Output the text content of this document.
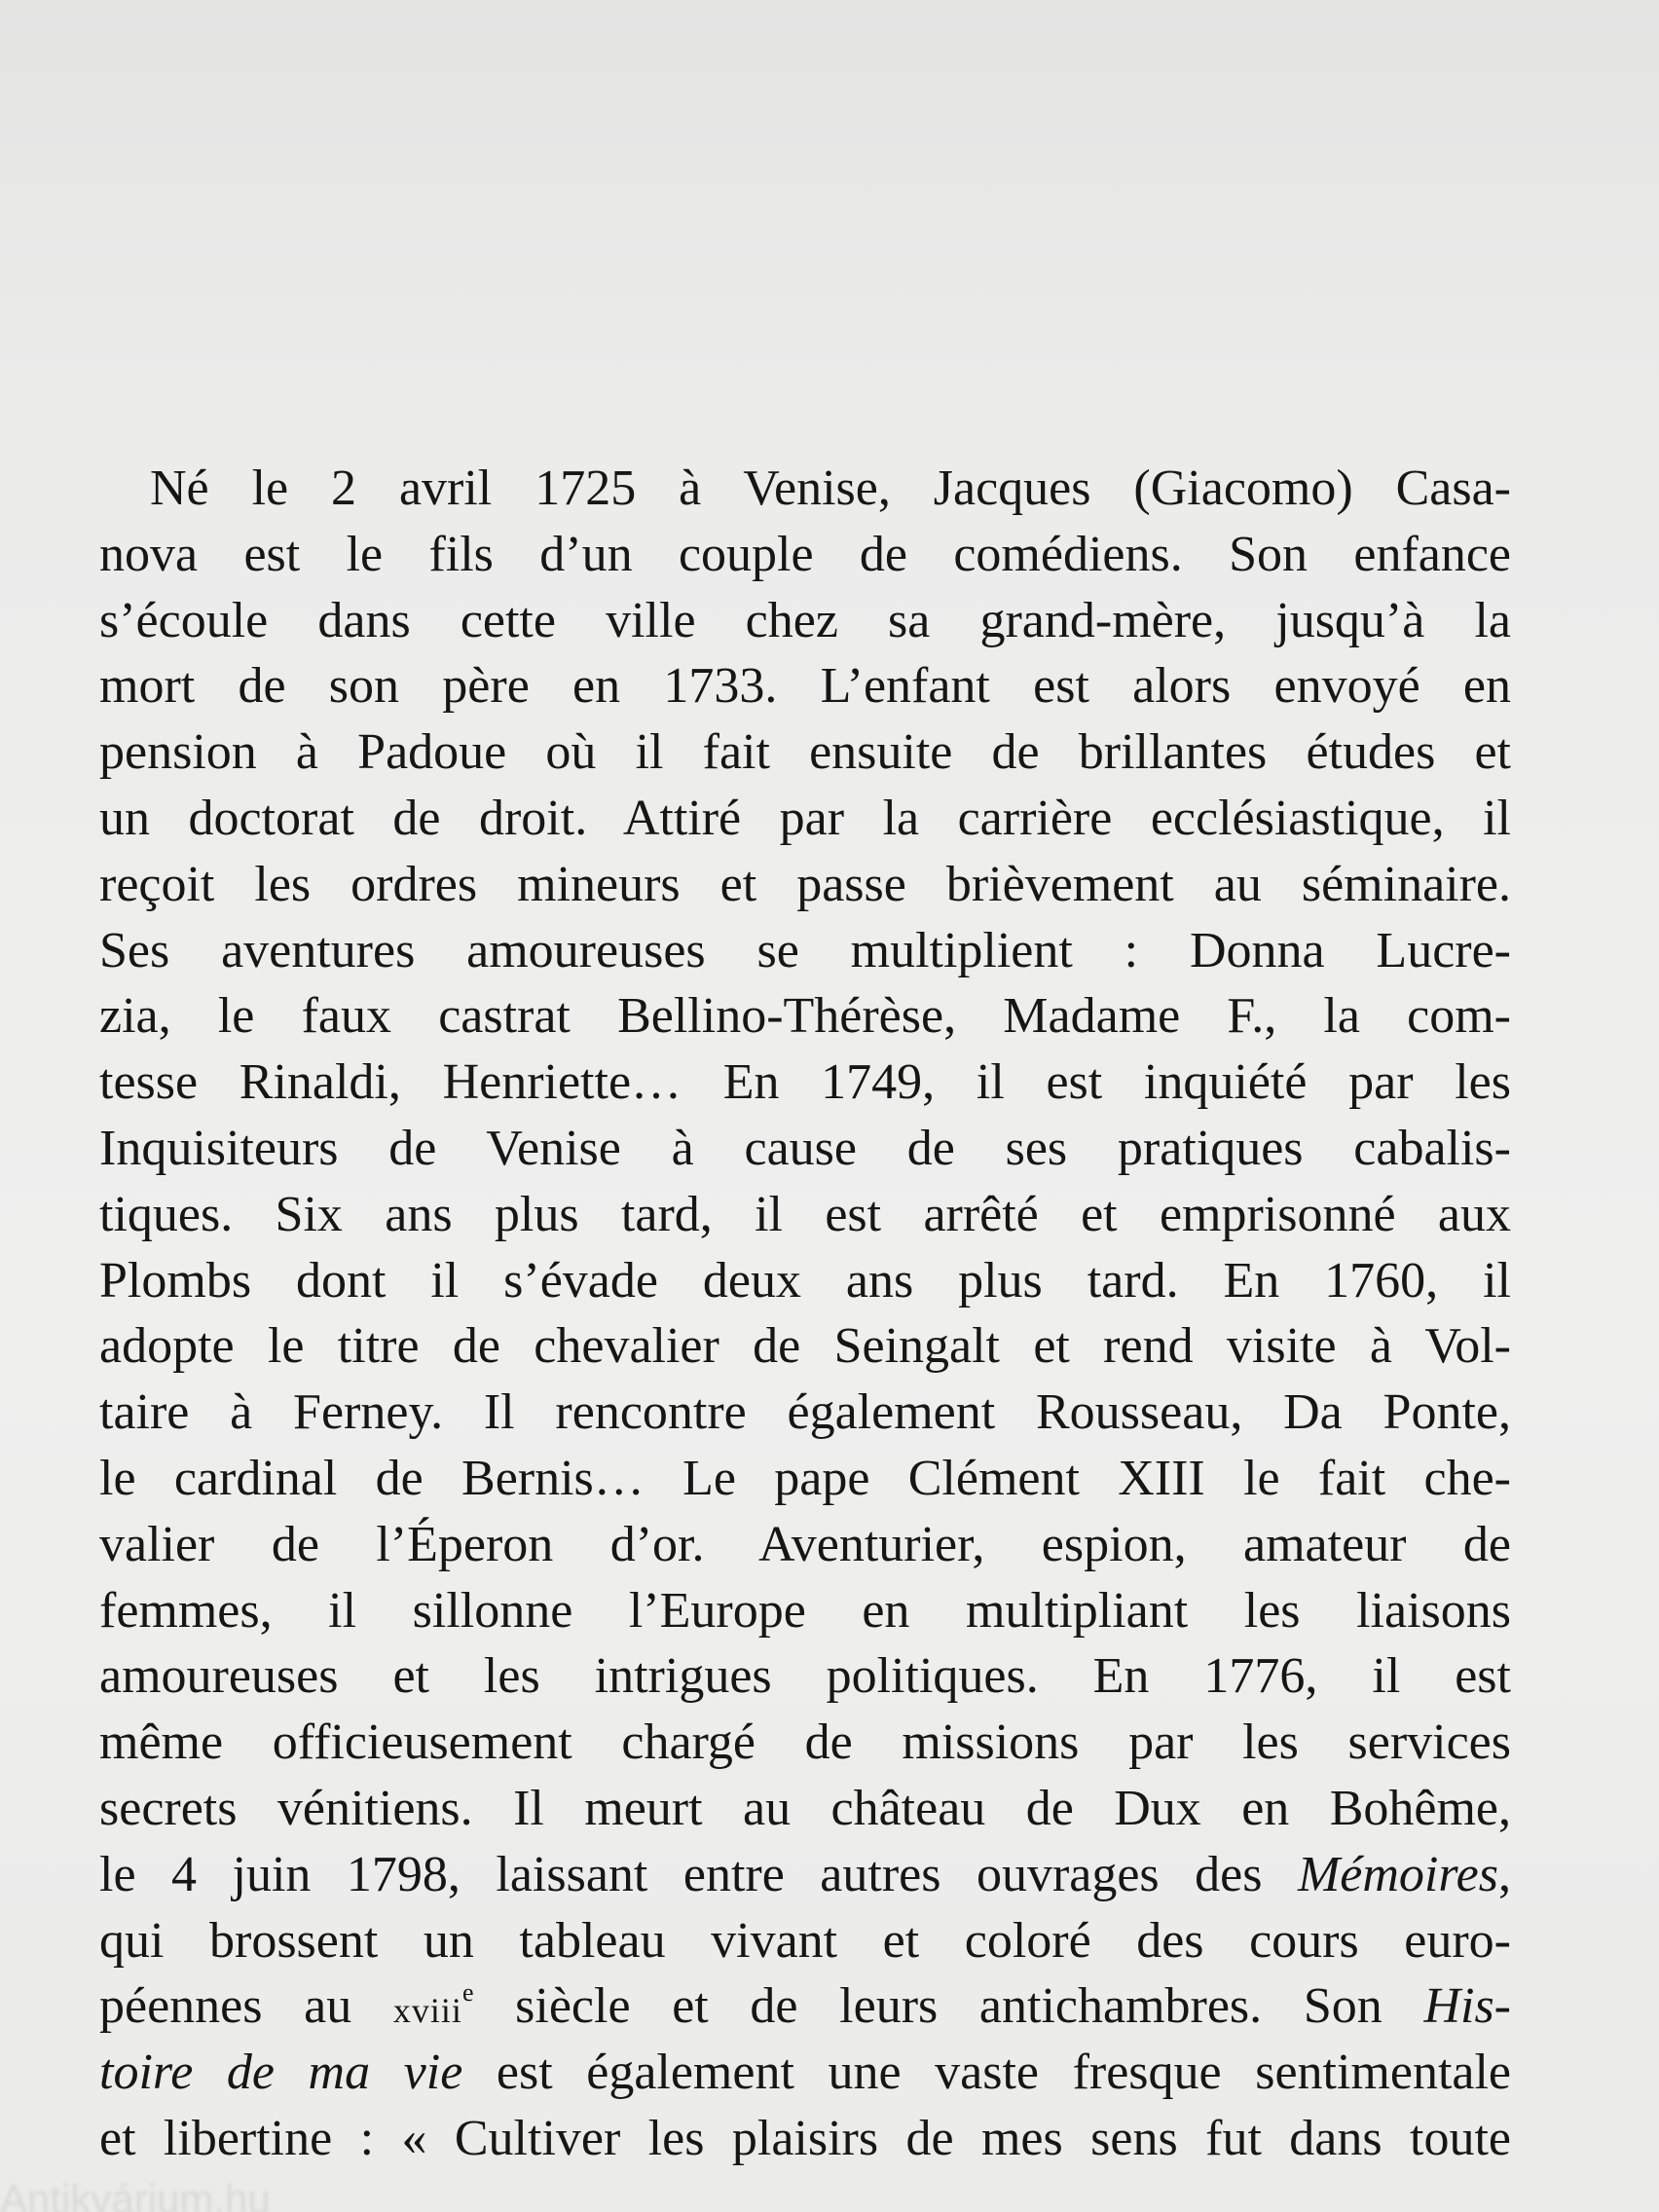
Né le 2 avril 1725 à Venise, Jacques (Giacomo) Casa-
nova est le fils d’un couple de comédiens. Son enfance
s’écoule dans cette ville chez sa grand-mère, jusqu’à la
mort de son père en 1733. L’enfant est alors envoyé en
pension à Padoue où il fait ensuite de brillantes études et
un doctorat de droit. Attiré par la carrière ecclésiastique, il
reçoit les ordres mineurs et passe brièvement au séminaire.
Ses aventures amoureuses se multiplient : Donna Lucre-
zia, le faux castrat Bellino-Thérèse, Madame F., la com-
tesse Rinaldi, Henriette… En 1749, il est inquiété par les
Inquisiteurs de Venise à cause de ses pratiques cabalis-
tiques. Six ans plus tard, il est arrêté et emprisonné aux
Plombs dont il s’évade deux ans plus tard. En 1760, il
adopte le titre de chevalier de Seingalt et rend visite à Vol-
taire à Ferney. Il rencontre également Rousseau, Da Ponte,
le cardinal de Bernis… Le pape Clément XIII le fait che-
valier de l’Éperon d’or. Aventurier, espion, amateur de
femmes, il sillonne l’Europe en multipliant les liaisons
amoureuses et les intrigues politiques. En 1776, il est
même officieusement chargé de missions par les services
secrets vénitiens. Il meurt au château de Dux en Bohême,
le 4 juin 1798, laissant entre autres ouvrages des Mémoires,
qui brossent un tableau vivant et coloré des cours euro-
péennes au xviii$^e$ siècle et de leurs antichambres. Son His-
toire de ma vie est également une vaste fresque sentimentale
et libertine : « Cultiver les plaisirs de mes sens fut dans toute
Antikvárium.hu
